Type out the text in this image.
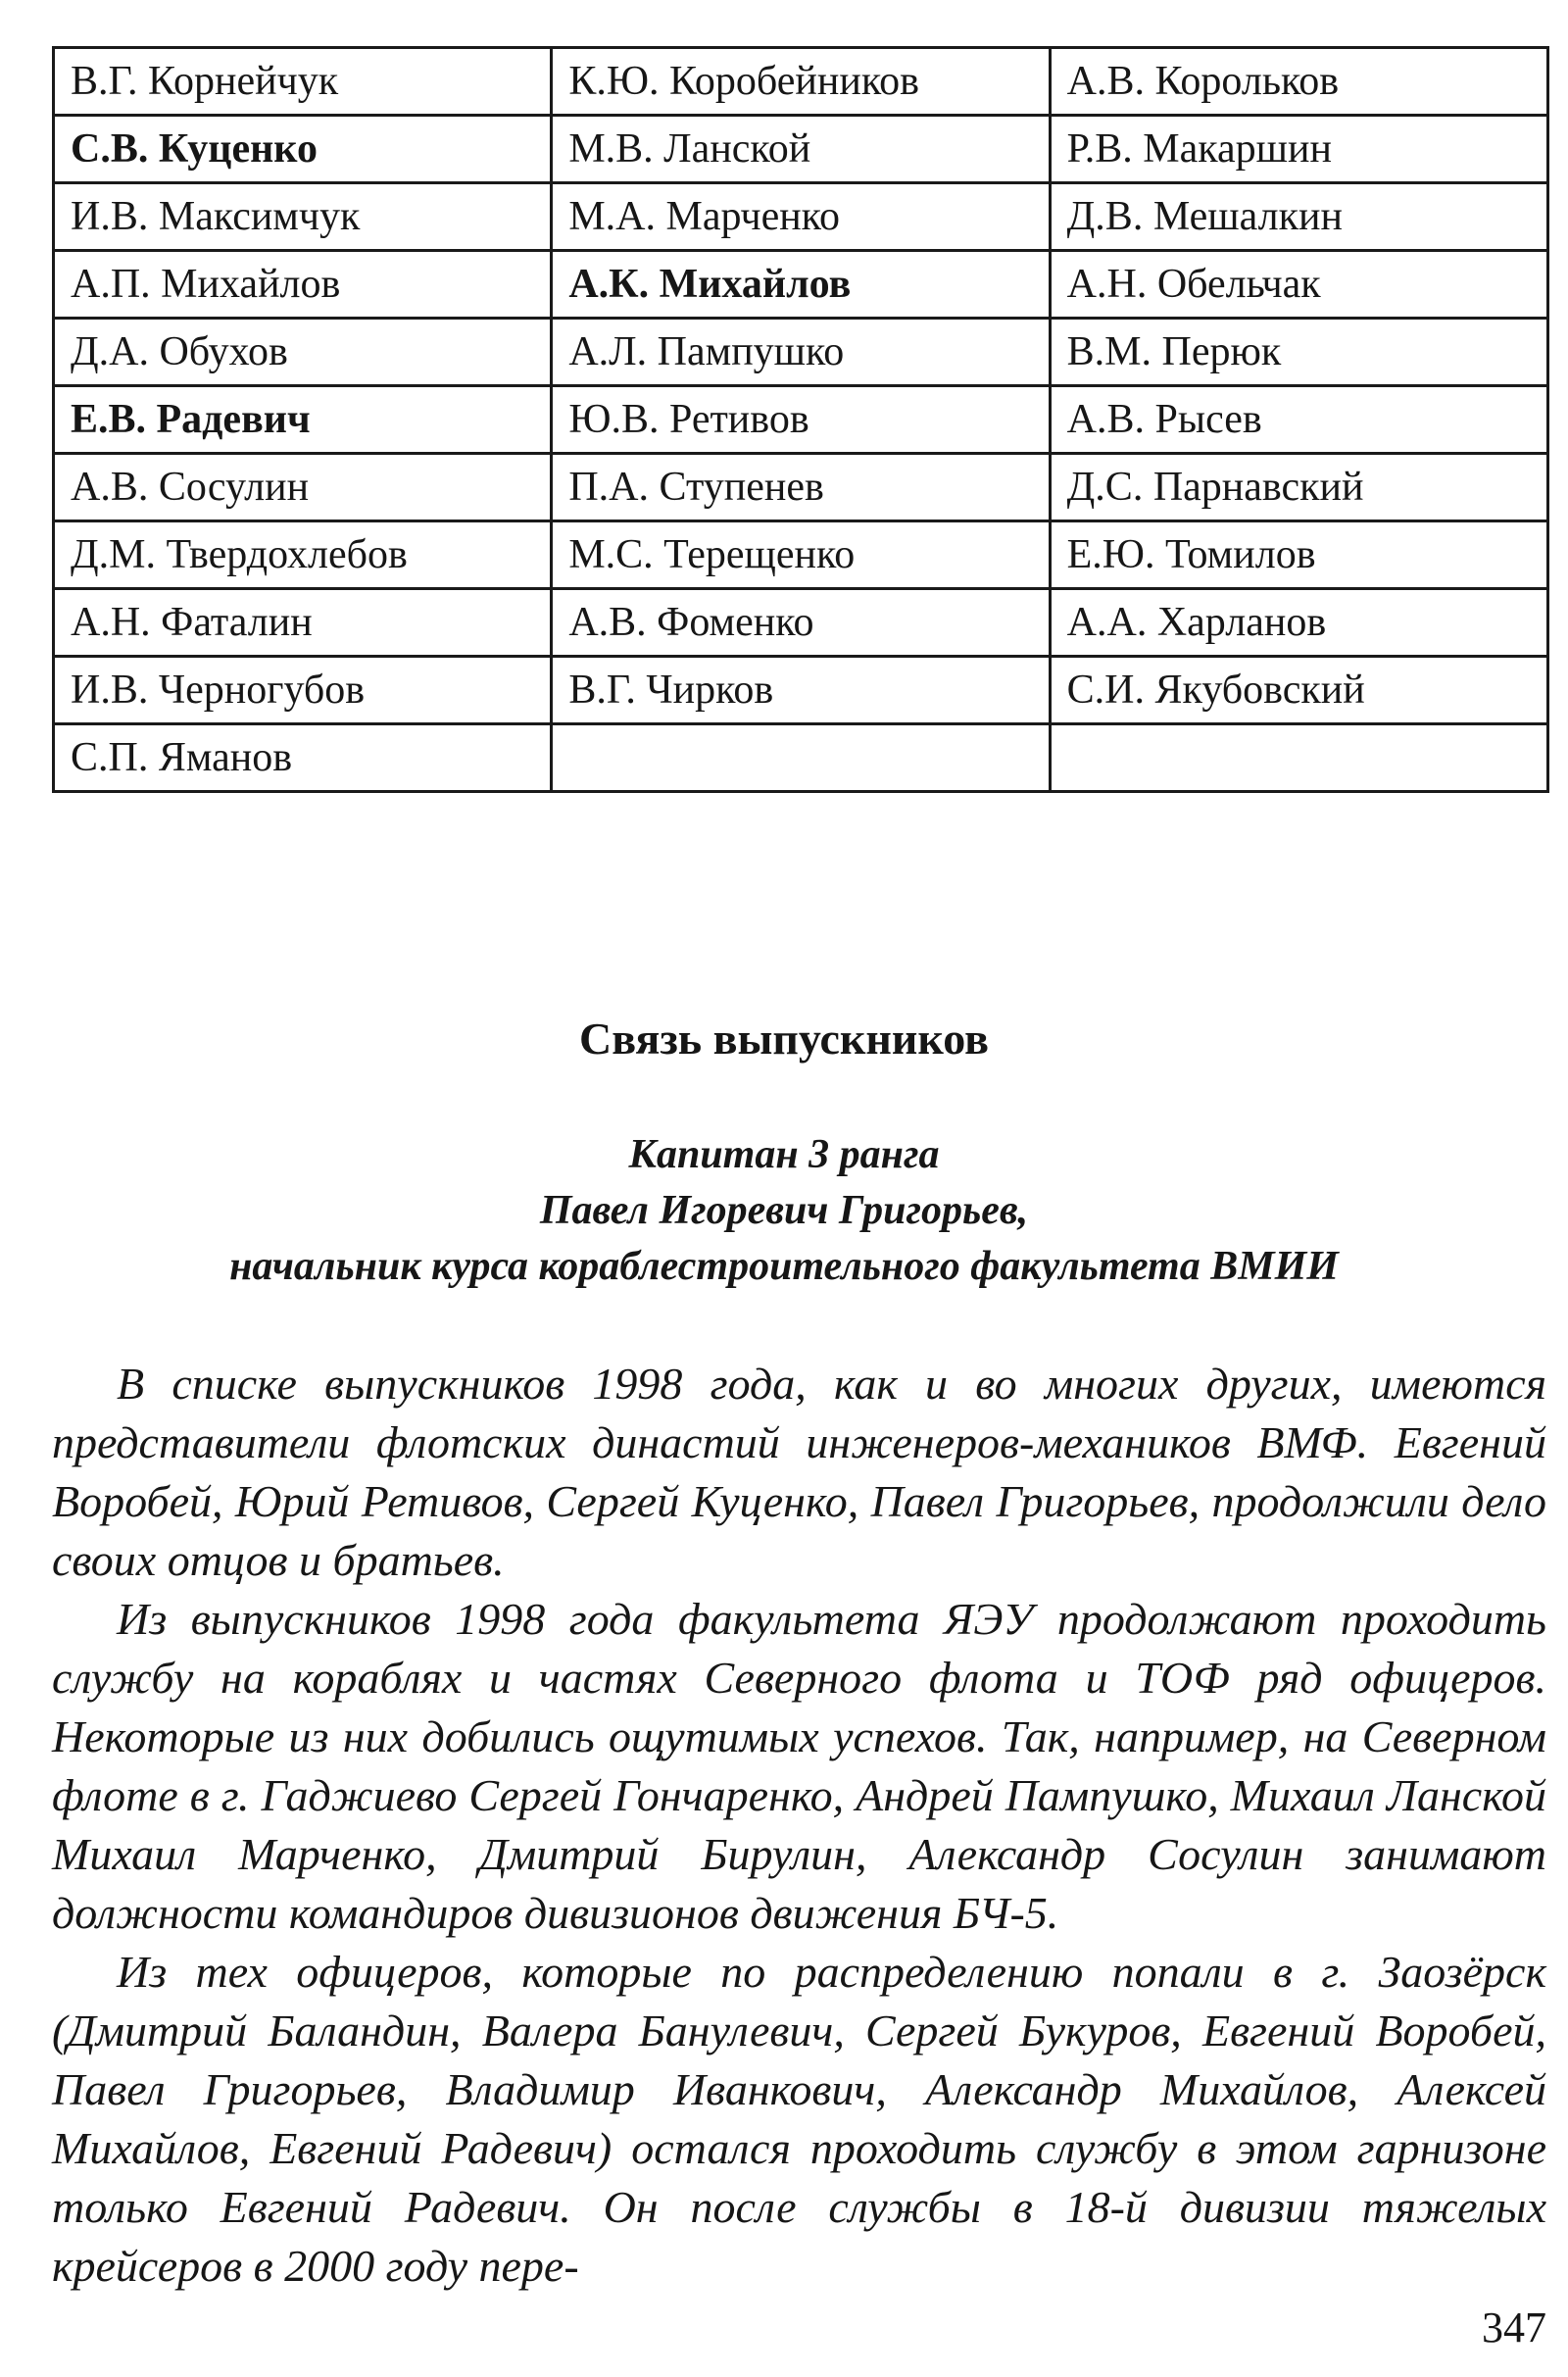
В.Г. Корнейчук	К.Ю. Коробейников	А.В. Корольков
С.В. Куценко	М.В. Ланской	Р.В. Макаршин
И.В. Максимчук	М.А. Марченко	Д.В. Мешалкин
А.П. Михайлов	А.К. Михайлов	А.Н. Обельчак
Д.А. Обухов	А.Л. Пампушко	В.М. Перюк
Е.В. Радевич	Ю.В. Ретивов	А.В. Рысев
А.В. Сосулин	П.А. Ступенев	Д.С. Парнавский
Д.М. Твердохлебов	М.С. Терещенко	Е.Ю. Томилов
А.Н. Фаталин	А.В. Фоменко	А.А. Харланов
И.В. Черногубов	В.Г. Чирков	С.И. Якубовский
С.П. Яманов		
Связь выпускников
Капитан 3 ранга
Павел Игоревич Григорьев,
начальник курса кораблестроительного факультета ВМИИ

В списке выпускников 1998 года, как и во многих других, имеются представители флотских династий инженеров-механиков ВМФ. Евгений Воробей, Юрий Ретивов, Сергей Куценко, Павел Григорьев, продолжили дело своих отцов и братьев.

Из выпускников 1998 года факультета ЯЭУ продолжают проходить службу на кораблях и частях Северного флота и ТОФ ряд офицеров. Некоторые из них добились ощутимых успехов. Так, например, на Северном флоте в г. Гаджиево Сергей Гончаренко, Андрей Пампушко, Михаил Ланской Михаил Марченко, Дмитрий Бирулин, Александр Сосулин занимают должности командиров дивизионов движения БЧ-5.

Из тех офицеров, которые по распределению попали в г. Заозёрск (Дмитрий Баландин, Валера Банулевич, Сергей Букуров, Евгений Воробей, Павел Григорьев, Владимир Иванкович, Александр Михайлов, Алексей Михайлов, Евгений Радевич) остался проходить службу в этом гарнизоне только Евгений Радевич. Он после службы в 18-й дивизии тяжелых крейсеров в 2000 году пере-

347
